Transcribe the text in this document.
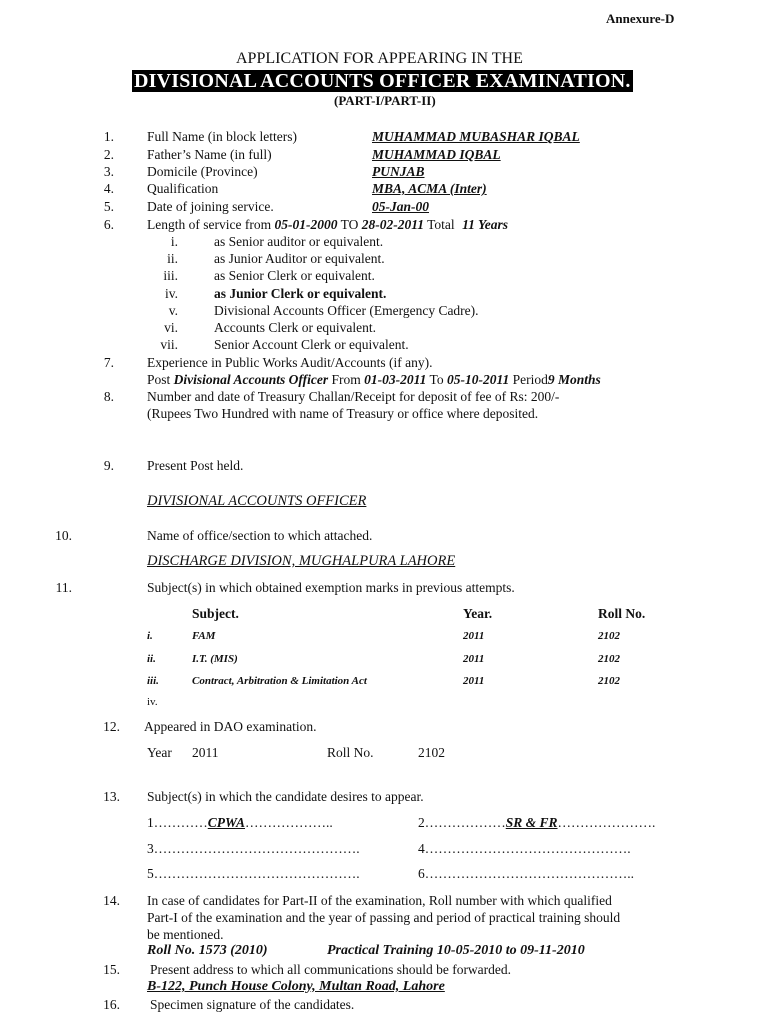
Annexure-D
APPLICATION FOR APPEARING IN THE
DIVISIONAL ACCOUNTS OFFICER EXAMINATION.
(PART-I/PART-II)
1. Full Name (in block letters)	MUHAMMAD MUBASHAR IQBAL
2. Father’s Name (in full)	MUHAMMAD IQBAL
3. Domicile (Province)	PUNJAB
4. Qualification	MBA, ACMA (Inter)
5. Date of joining service.	05-Jan-00
6. Length of service from 05-01-2000 TO 28-02-2011 Total 11 Years
i.	as Senior auditor or equivalent.
ii.	as Junior Auditor or equivalent.
iii.	as Senior Clerk or equivalent.
iv.	as Junior Clerk or equivalent.
v.	Divisional Accounts Officer (Emergency Cadre).
vi.	Accounts Clerk or equivalent.
vii.	Senior Account Clerk or equivalent.
7. Experience in Public Works Audit/Accounts (if any).
Post Divisional Accounts Officer From 01-03-2011 To 05-10-2011 Period9 Months
8. Number and date of Treasury Challan/Receipt for deposit of fee of Rs: 200/-
(Rupees Two Hundred with name of Treasury or office where deposited.
9. Present Post held.
DIVISIONAL ACCOUNTS OFFICER
10.	Name of office/section to which attached.
DISCHARGE DIVISION, MUGHALPURA LAHORE
11.	Subject(s) in which obtained exemption marks in previous attempts.
Subject.	Year.	Roll No.
i.	FAM	2011	2102
ii.	I.T. (MIS)	2011	2102
iii.	Contract, Arbitration & Limitation Act	2011	2102
iv.
12. Appeared in DAO examination.
Year 2011	Roll No.	2102
13. Subject(s) in which the candidate desires to appear.
1…………CPWA………………..	2………………SR & FR………………….
3……………………………………….	4……………………………………….
5……………………………………….	6………………………………………..
14. In case of candidates for Part-II of the examination, Roll number with which qualified
Part-I of the examination and the year of passing and period of practical training should
be mentioned.
Roll No. 1573 (2010)	Practical Training 10-05-2010 to 09-11-2010
15. Present address to which all communications should be forwarded.
B-122, Punch House Colony, Multan Road, Lahore
16. Specimen signature of the candidates.
